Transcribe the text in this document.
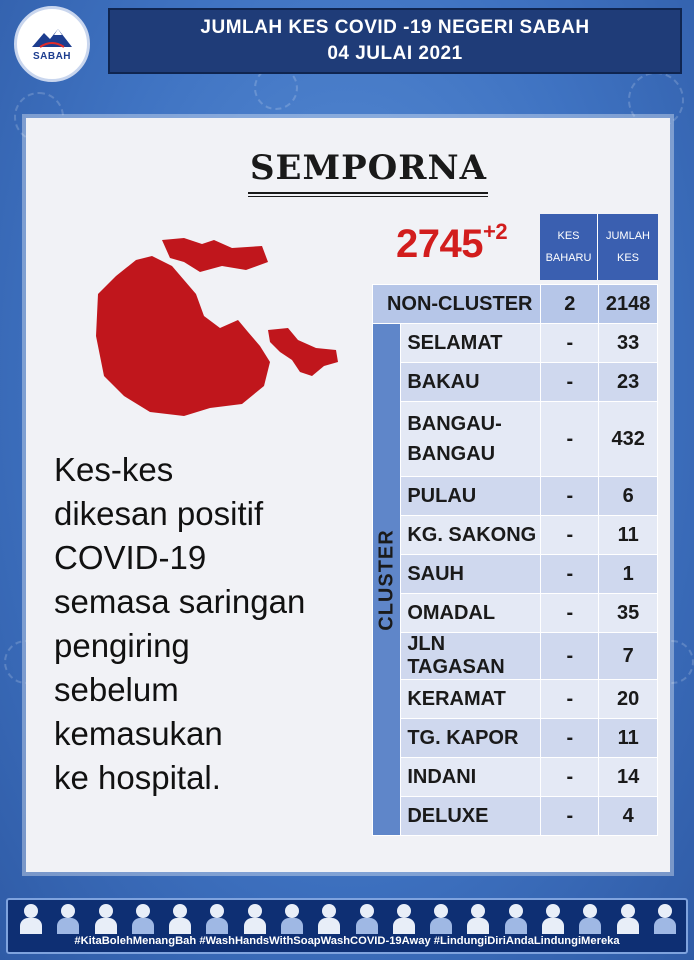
SABAH
JUMLAH KES COVID -19 NEGERI SABAH
04 JULAI 2021
SEMPORNA
Kes-kes
dikesan positif
COVID-19
semasa saringan
pengiring
sebelum
kemasukan
ke hospital.
$2745^{+2}$	KES
BAHARU
JUMLAH
KES
NON-CLUSTER		2	2148

CLUSTER	SELAMAT	-	33
	BAKAU	-	23

	BANGAU-
BANGAU	-	432
	PULAU	-	6
	KG. SAKONG	-	11
	SAUH	-	1
	OMADAL	-	35
	JLN TAGASAN	-	7
	KERAMAT	-	20
	TG. KAPOR	-	11
	INDANI	-	14
	DELUXE	-	4
#KitaBolehMenangBah #WashHandsWithSoapWashCOVID-19Away #LindungiDiriAndaLindungiMereka
